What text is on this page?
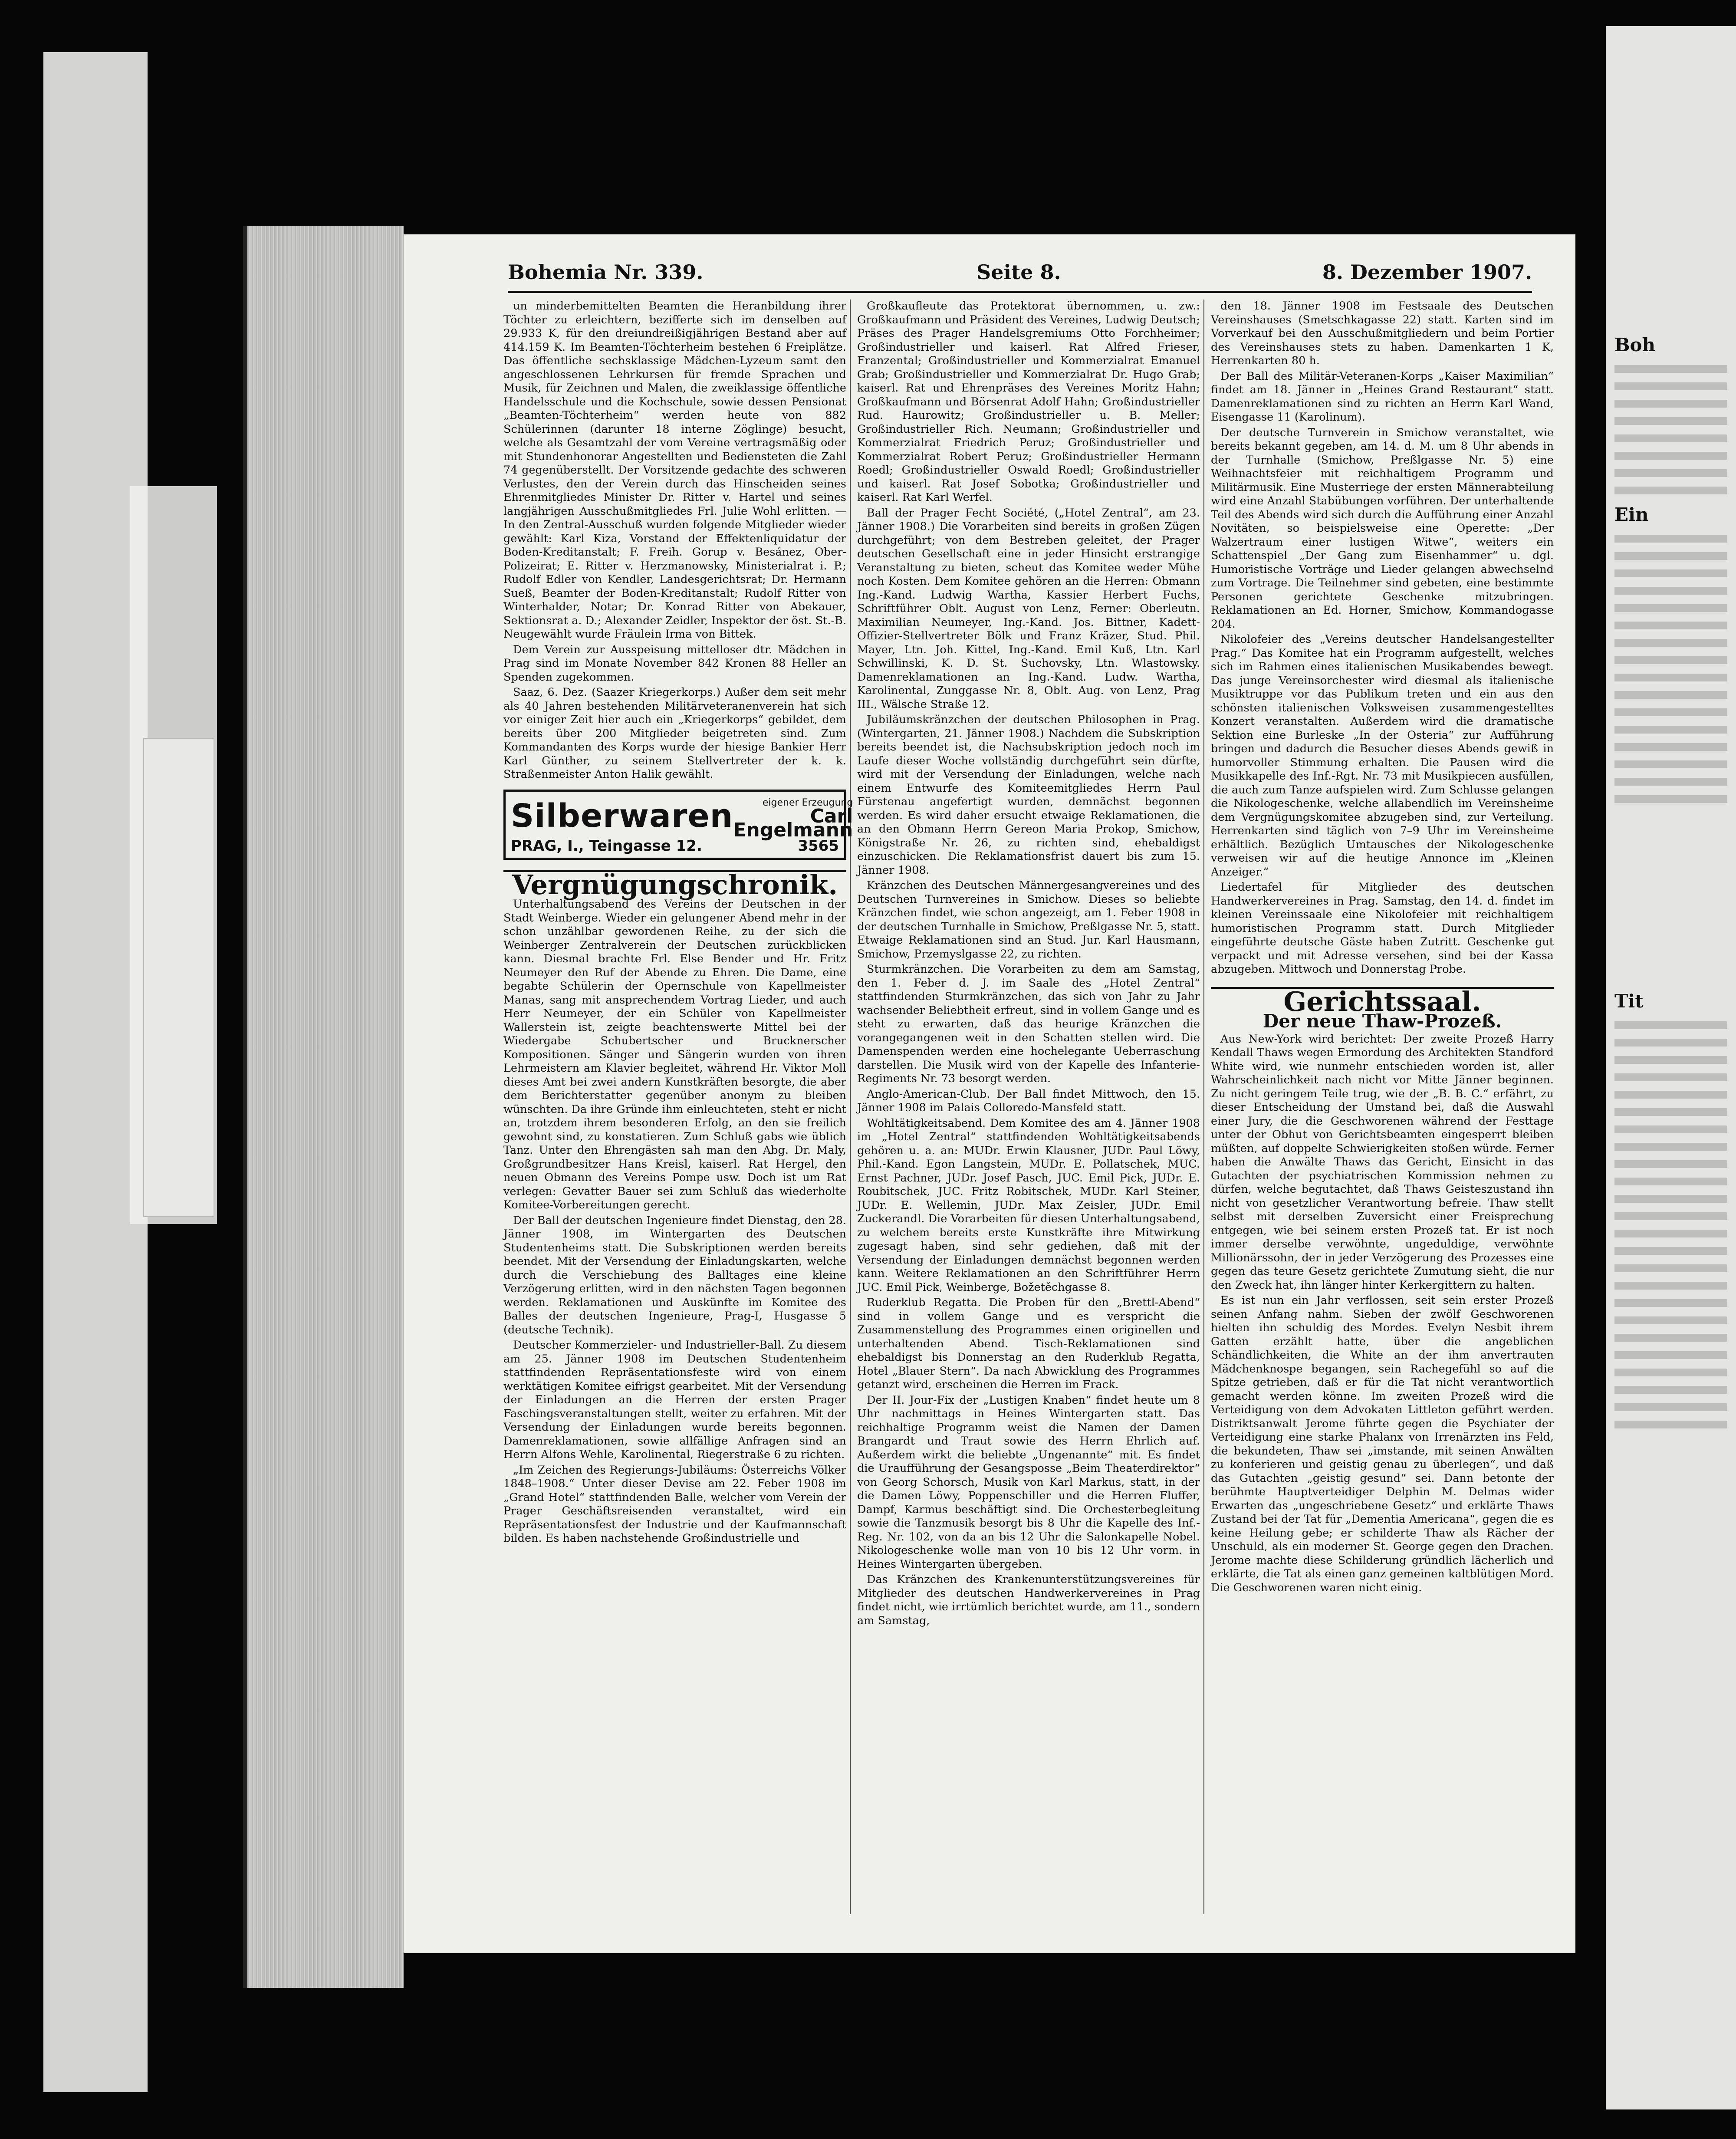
Boh
Ein
Tit
Bohemia Nr. 339.	Seite 8.	8. Dezember 1907.

un minderbemittelten Beamten die Heranbildung ihrer Töchter zu erleichtern, bezifferte sich im denselben auf 29.933 K, für den dreiundreißigjährigen Bestand aber auf 414.159 K. Im Beamten-Töchterheim bestehen 6 Freiplätze. Das öffentliche sechsklassige Mädchen-Lyzeum samt den angeschlossenen Lehrkursen für fremde Sprachen und Musik, für Zeichnen und Malen, die zweiklassige öffentliche Handelsschule und die Kochschule, sowie dessen Pensionat „Beamten-Töchterheim“ werden heute von 882 Schülerinnen (darunter 18 interne Zöglinge) besucht, welche als Gesamtzahl der vom Vereine vertragsmäßig oder mit Stundenhonorar Angestellten und Bediensteten die Zahl 74 gegenüberstellt. Der Vorsitzende gedachte des schweren Verlustes, den der Verein durch das Hinscheiden seines Ehrenmitgliedes Minister Dr. Ritter v. Hartel und seines langjährigen Ausschußmitgliedes Frl. Julie Wohl erlitten. — In den Zentral-Ausschuß wurden folgende Mitglieder wieder gewählt: Karl Kiza, Vorstand der Effektenliquidatur der Boden-Kreditanstalt; F. Freih. Gorup v. Besánez, Ober-Polizeirat; E. Ritter v. Herzmanowsky, Ministerialrat i. P.; Rudolf Edler von Kendler, Landesgerichtsrat; Dr. Hermann Sueß, Beamter der Boden-Kreditanstalt; Rudolf Ritter von Winterhalder, Notar; Dr. Konrad Ritter von Abekauer, Sektionsrat a. D.; Alexander Zeidler, Inspektor der öst. St.-B. Neugewählt wurde Fräulein Irma von Bittek.

Dem Verein zur Ausspeisung mittelloser dtr. Mädchen in Prag sind im Monate November 842 Kronen 88 Heller an Spenden zugekommen.

Saaz, 6. Dez. (Saazer Kriegerkorps.) Außer dem seit mehr als 40 Jahren bestehenden Militärveteranenverein hat sich vor einiger Zeit hier auch ein „Kriegerkorps“ gebildet, dem bereits über 200 Mitglieder beigetreten sind. Zum Kommandanten des Korps wurde der hiesige Bankier Herr Karl Günther, zu seinem Stellvertreter der k. k. Straßenmeister Anton Halik gewählt.

Silberwaren	eigener Erzeugung
Carl Engelmann
PRAG, I., Teingasse 12.	3565
Vergnügungschronik.

Unterhaltungsabend des Vereins der Deutschen in der Stadt Weinberge. Wieder ein gelungener Abend mehr in der schon unzählbar gewordenen Reihe, zu der sich die Weinberger Zentralverein der Deutschen zurückblicken kann. Diesmal brachte Frl. Else Bender und Hr. Fritz Neumeyer den Ruf der Abende zu Ehren. Die Dame, eine begabte Schülerin der Opernschule von Kapellmeister Manas, sang mit ansprechendem Vortrag Lieder, und auch Herr Neumeyer, der ein Schüler von Kapellmeister Wallerstein ist, zeigte beachtenswerte Mittel bei der Wiedergabe Schubertscher und Brucknerscher Kompositionen. Sänger und Sängerin wurden von ihren Lehrmeistern am Klavier begleitet, während Hr. Viktor Moll dieses Amt bei zwei andern Kunstkräften besorgte, die aber dem Berichterstatter gegenüber anonym zu bleiben wünschten. Da ihre Gründe ihm einleuchteten, steht er nicht an, trotzdem ihrem besonderen Erfolg, an den sie freilich gewohnt sind, zu konstatieren. Zum Schluß gabs wie üblich Tanz. Unter den Ehrengästen sah man den Abg. Dr. Maly, Großgrundbesitzer Hans Kreisl, kaiserl. Rat Hergel, den neuen Obmann des Vereins Pompe usw. Doch ist um Rat verlegen: Gevatter Bauer sei zum Schluß das wiederholte Komitee-Vorbereitungen gerecht.

Der Ball der deutschen Ingenieure findet Dienstag, den 28. Jänner 1908, im Wintergarten des Deutschen Studentenheims statt. Die Subskriptionen werden bereits beendet. Mit der Versendung der Einladungskarten, welche durch die Verschiebung des Balltages eine kleine Verzögerung erlitten, wird in den nächsten Tagen begonnen werden. Reklamationen und Auskünfte im Komitee des Balles der deutschen Ingenieure, Prag-I, Husgasse 5 (deutsche Technik).

Deutscher Kommerzieler- und Industrieller-Ball. Zu diesem am 25. Jänner 1908 im Deutschen Studentenheim stattfindenden Repräsentationsfeste wird von einem werktätigen Komitee eifrigst gearbeitet. Mit der Versendung der Einladungen an die Herren der ersten Prager Faschingsveranstaltungen stellt, weiter zu erfahren. Mit der Versendung der Einladungen wurde bereits begonnen. Damenreklamationen, sowie allfällige Anfragen sind an Herrn Alfons Wehle, Karolinental, Riegerstraße 6 zu richten.

„Im Zeichen des Regierungs-Jubiläums: Österreichs Völker 1848–1908.“ Unter dieser Devise am 22. Feber 1908 im „Grand Hotel“ stattfindenden Balle, welcher vom Verein der Prager Geschäftsreisenden veranstaltet, wird ein Repräsentationsfest der Industrie und der Kaufmannschaft bilden. Es haben nachstehende Großindustrielle und

Großkaufleute das Protektorat übernommen, u. zw.: Großkaufmann und Präsident des Vereines, Ludwig Deutsch; Präses des Prager Handelsgremiums Otto Forchheimer; Großindustrieller und kaiserl. Rat Alfred Frieser, Franzental; Großindustrieller und Kommerzialrat Emanuel Grab; Großindustrieller und Kommerzialrat Dr. Hugo Grab; kaiserl. Rat und Ehrenpräses des Vereines Moritz Hahn; Großkaufmann und Börsenrat Adolf Hahn; Großindustrieller Rud. Haurowitz; Großindustrieller u. B. Meller; Großindustrieller Rich. Neumann; Großindustrieller und Kommerzialrat Friedrich Peruz; Großindustrieller und Kommerzialrat Robert Peruz; Großindustrieller Hermann Roedl; Großindustrieller Oswald Roedl; Großindustrieller und kaiserl. Rat Josef Sobotka; Großindustrieller und kaiserl. Rat Karl Werfel.

Ball der Prager Fecht Société, („Hotel Zentral“, am 23. Jänner 1908.) Die Vorarbeiten sind bereits in großen Zügen durchgeführt; von dem Bestreben geleitet, der Prager deutschen Gesellschaft eine in jeder Hinsicht erstrangige Veranstaltung zu bieten, scheut das Komitee weder Mühe noch Kosten. Dem Komitee gehören an die Herren: Obmann Ing.-Kand. Ludwig Wartha, Kassier Herbert Fuchs, Schriftführer Oblt. August von Lenz, Ferner: Oberleutn. Maximilian Neumeyer, Ing.-Kand. Jos. Bittner, Kadett-Offizier-Stellvertreter Bölk und Franz Kräzer, Stud. Phil. Mayer, Ltn. Joh. Kittel, Ing.-Kand. Emil Kuß, Ltn. Karl Schwillinski, K. D. St. Suchovsky, Ltn. Wlastowsky. Damenreklamationen an Ing.-Kand. Ludw. Wartha, Karolinental, Zunggasse Nr. 8, Oblt. Aug. von Lenz, Prag III., Wälsche Straße 12.

Jubiläumskränzchen der deutschen Philosophen in Prag. (Wintergarten, 21. Jänner 1908.) Nachdem die Subskription bereits beendet ist, die Nachsubskription jedoch noch im Laufe dieser Woche vollständig durchgeführt sein dürfte, wird mit der Versendung der Einladungen, welche nach einem Entwurfe des Komiteemitgliedes Herrn Paul Fürstenau angefertigt wurden, demnächst begonnen werden. Es wird daher ersucht etwaige Reklamationen, die an den Obmann Herrn Gereon Maria Prokop, Smichow, Königstraße Nr. 26, zu richten sind, ehebaldigst einzuschicken. Die Reklamationsfrist dauert bis zum 15. Jänner 1908.

Kränzchen des Deutschen Männergesangvereines und des Deutschen Turnvereines in Smichow. Dieses so beliebte Kränzchen findet, wie schon angezeigt, am 1. Feber 1908 in der deutschen Turnhalle in Smichow, Preßlgasse Nr. 5, statt. Etwaige Reklamationen sind an Stud. Jur. Karl Hausmann, Smichow, Przemyslgasse 22, zu richten.

Sturmkränzchen. Die Vorarbeiten zu dem am Samstag, den 1. Feber d. J. im Saale des „Hotel Zentral“ stattfindenden Sturmkränzchen, das sich von Jahr zu Jahr wachsender Beliebtheit erfreut, sind in vollem Gange und es steht zu erwarten, daß das heurige Kränzchen die vorangegangenen weit in den Schatten stellen wird. Die Damenspenden werden eine hochelegante Ueberraschung darstellen. Die Musik wird von der Kapelle des Infanterie-Regiments Nr. 73 besorgt werden.

Anglo-American-Club. Der Ball findet Mittwoch, den 15. Jänner 1908 im Palais Colloredo-Mansfeld statt.

Wohltätigkeitsabend. Dem Komitee des am 4. Jänner 1908 im „Hotel Zentral“ stattfindenden Wohltätigkeitsabends gehören u. a. an: MUDr. Erwin Klausner, JUDr. Paul Löwy, Phil.-Kand. Egon Langstein, MUDr. E. Pollatschek, MUC. Ernst Pachner, JUDr. Josef Pasch, JUC. Emil Pick, JUDr. E. Roubitschek, JUC. Fritz Robitschek, MUDr. Karl Steiner, JUDr. E. Wellemin, JUDr. Max Zeisler, JUDr. Emil Zuckerandl. Die Vorarbeiten für diesen Unterhaltungsabend, zu welchem bereits erste Kunstkräfte ihre Mitwirkung zugesagt haben, sind sehr gediehen, daß mit der Versendung der Einladungen demnächst begonnen werden kann. Weitere Reklamationen an den Schriftführer Herrn JUC. Emil Pick, Weinberge, Božetěchgasse 8.

Ruderklub Regatta. Die Proben für den „Brettl-Abend“ sind in vollem Gange und es verspricht die Zusammenstellung des Programmes einen originellen und unterhaltenden Abend. Tisch-Reklamationen sind ehebaldigst bis Donnerstag an den Ruderklub Regatta, Hotel „Blauer Stern“. Da nach Abwicklung des Programmes getanzt wird, erscheinen die Herren im Frack.

Der II. Jour-Fix der „Lustigen Knaben“ findet heute um 8 Uhr nachmittags in Heines Wintergarten statt. Das reichhaltige Programm weist die Namen der Damen Brangardt und Traut sowie des Herrn Ehrlich auf. Außerdem wirkt die beliebte „Ungenannte“ mit. Es findet die Uraufführung der Gesangsposse „Beim Theaterdirektor“ von Georg Schorsch, Musik von Karl Markus, statt, in der die Damen Löwy, Poppenschiller und die Herren Fluffer, Dampf, Karmus beschäftigt sind. Die Orchesterbegleitung sowie die Tanzmusik besorgt bis 8 Uhr die Kapelle des Inf.-Reg. Nr. 102, von da an bis 12 Uhr die Salonkapelle Nobel. Nikologeschenke wolle man von 10 bis 12 Uhr vorm. in Heines Wintergarten übergeben.

Das Kränzchen des Krankenunterstützungsvereines für Mitglieder des deutschen Handwerkervereines in Prag findet nicht, wie irrtümlich berichtet wurde, am 11., sondern am Samstag,

den 18. Jänner 1908 im Festsaale des Deutschen Vereinshauses (Smetschkagasse 22) statt. Karten sind im Vorverkauf bei den Ausschußmitgliedern und beim Portier des Vereinshauses stets zu haben. Damenkarten 1 K, Herrenkarten 80 h.

Der Ball des Militär-Veteranen-Korps „Kaiser Maximilian“ findet am 18. Jänner in „Heines Grand Restaurant“ statt. Damenreklamationen sind zu richten an Herrn Karl Wand, Eisengasse 11 (Karolinum).

Der deutsche Turnverein in Smichow veranstaltet, wie bereits bekannt gegeben, am 14. d. M. um 8 Uhr abends in der Turnhalle (Smichow, Preßlgasse Nr. 5) eine Weihnachtsfeier mit reichhaltigem Programm und Militärmusik. Eine Musterriege der ersten Männerabteilung wird eine Anzahl Stabübungen vorführen. Der unterhaltende Teil des Abends wird sich durch die Aufführung einer Anzahl Novitäten, so beispielsweise eine Operette: „Der Walzertraum einer lustigen Witwe“, weiters ein Schattenspiel „Der Gang zum Eisenhammer“ u. dgl. Humoristische Vorträge und Lieder gelangen abwechselnd zum Vortrage. Die Teilnehmer sind gebeten, eine bestimmte Personen gerichtete Geschenke mitzubringen. Reklamationen an Ed. Horner, Smichow, Kommandogasse 204.

Nikolofeier des „Vereins deutscher Handelsangestellter Prag.“ Das Komitee hat ein Programm aufgestellt, welches sich im Rahmen eines italienischen Musikabendes bewegt. Das junge Vereinsorchester wird diesmal als italienische Musiktruppe vor das Publikum treten und ein aus den schönsten italienischen Volksweisen zusammengestelltes Konzert veranstalten. Außerdem wird die dramatische Sektion eine Burleske „In der Osteria“ zur Aufführung bringen und dadurch die Besucher dieses Abends gewiß in humorvoller Stimmung erhalten. Die Pausen wird die Musikkapelle des Inf.-Rgt. Nr. 73 mit Musikpiecen ausfüllen, die auch zum Tanze aufspielen wird. Zum Schlusse gelangen die Nikologeschenke, welche allabendlich im Vereinsheime dem Vergnügungskomitee abzugeben sind, zur Verteilung. Herrenkarten sind täglich von 7–9 Uhr im Vereinsheime erhältlich. Bezüglich Umtausches der Nikologeschenke verweisen wir auf die heutige Annonce im „Kleinen Anzeiger.“

Liedertafel für Mitglieder des deutschen Handwerkervereines in Prag. Samstag, den 14. d. findet im kleinen Vereinssaale eine Nikolofeier mit reichhaltigem humoristischen Programm statt. Durch Mitglieder eingeführte deutsche Gäste haben Zutritt. Geschenke gut verpackt und mit Adresse versehen, sind bei der Kassa abzugeben. Mittwoch und Donnerstag Probe.

Gerichtssaal.
Der neue Thaw-Prozeß.

Aus New-York wird berichtet: Der zweite Prozeß Harry Kendall Thaws wegen Ermordung des Architekten Standford White wird, wie nunmehr entschieden worden ist, aller Wahrscheinlichkeit nach nicht vor Mitte Jänner beginnen. Zu nicht geringem Teile trug, wie der „B. B. C.“ erfährt, zu dieser Entscheidung der Umstand bei, daß die Auswahl einer Jury, die die Geschworenen während der Festtage unter der Obhut von Gerichtsbeamten eingesperrt bleiben müßten, auf doppelte Schwierigkeiten stoßen würde. Ferner haben die Anwälte Thaws das Gericht, Einsicht in das Gutachten der psychiatrischen Kommission nehmen zu dürfen, welche begutachtet, daß Thaws Geisteszustand ihn nicht von gesetzlicher Verantwortung befreie. Thaw stellt selbst mit derselben Zuversicht einer Freisprechung entgegen, wie bei seinem ersten Prozeß tat. Er ist noch immer derselbe verwöhnte, ungeduldige, verwöhnte Millionärssohn, der in jeder Verzögerung des Prozesses eine gegen das teure Gesetz gerichtete Zumutung sieht, die nur den Zweck hat, ihn länger hinter Kerkergittern zu halten.

Es ist nun ein Jahr verflossen, seit sein erster Prozeß seinen Anfang nahm. Sieben der zwölf Geschworenen hielten ihn schuldig des Mordes. Evelyn Nesbit ihrem Gatten erzählt hatte, über die angeblichen Schändlichkeiten, die White an der ihm anvertrauten Mädchenknospe begangen, sein Rachegefühl so auf die Spitze getrieben, daß er für die Tat nicht verantwortlich gemacht werden könne. Im zweiten Prozeß wird die Verteidigung von dem Advokaten Littleton geführt werden. Distriktsanwalt Jerome führte gegen die Psychiater der Verteidigung eine starke Phalanx von Irrenärzten ins Feld, die bekundeten, Thaw sei „imstande, mit seinen Anwälten zu konferieren und geistig genau zu überlegen“, und daß das Gutachten „geistig gesund“ sei. Dann betonte der berühmte Hauptverteidiger Delphin M. Delmas wider Erwarten das „ungeschriebene Gesetz“ und erklärte Thaws Zustand bei der Tat für „Dementia Americana“, gegen die es keine Heilung gebe; er schilderte Thaw als Rächer der Unschuld, als ein moderner St. George gegen den Drachen. Jerome machte diese Schilderung gründlich lächerlich und erklärte, die Tat als einen ganz gemeinen kaltblütigen Mord. Die Geschworenen waren nicht einig.
